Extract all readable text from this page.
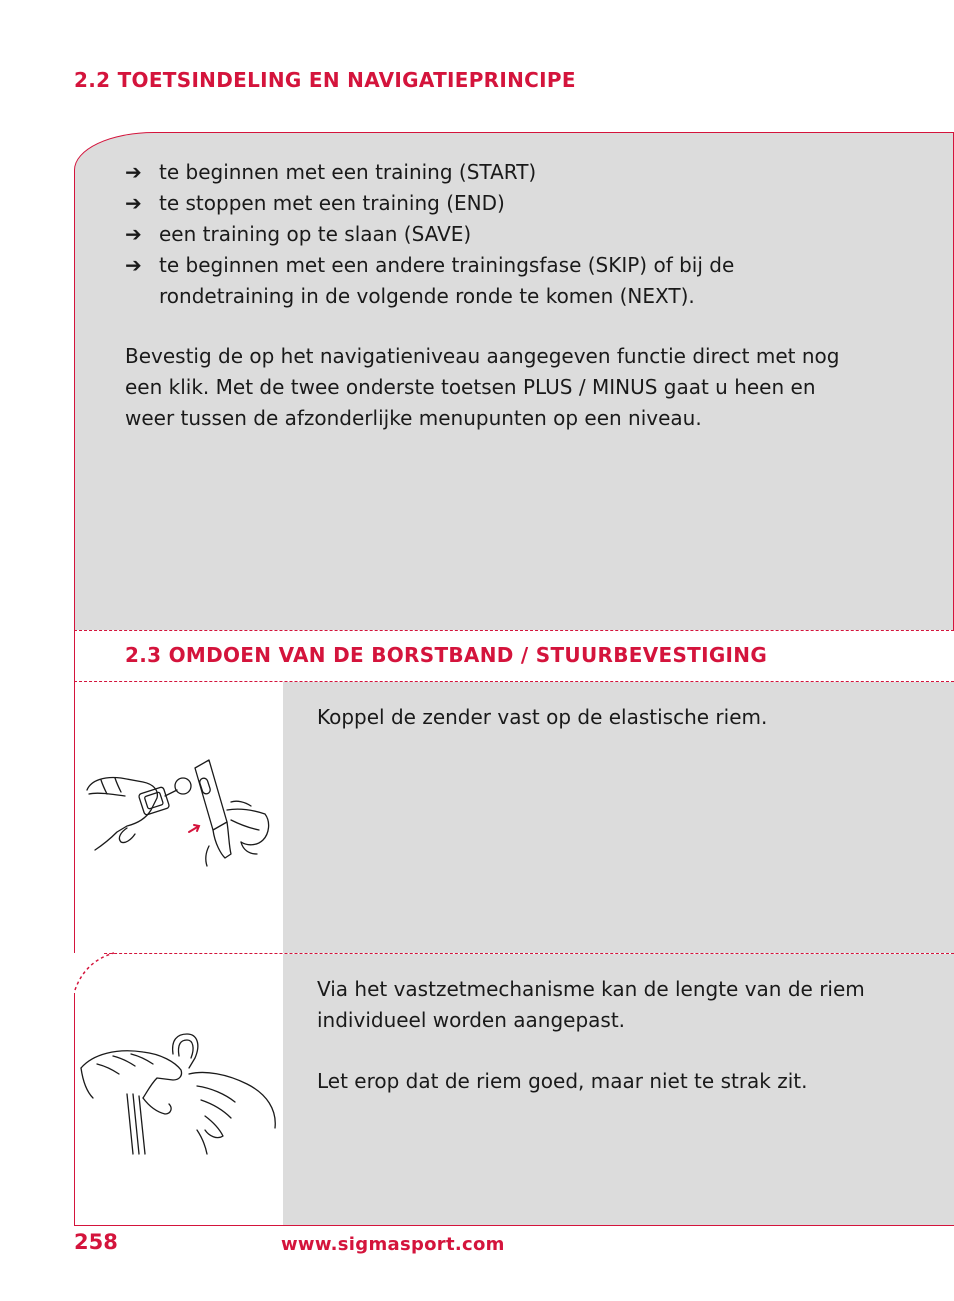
2.2 TOETSINDELING EN NAVIGATIEPRINCIPE
➔ te beginnen met een training (START)
➔ te stoppen met een training (END)
➔ een training op te slaan (SAVE)
➔ te beginnen met een andere trainingsfase (SKIP) of bij de rondetraining in de volgende ronde te komen (NEXT).

Bevestig de op het navigatieniveau aangegeven functie direct met nog een klik. Met de twee onderste toetsen PLUS / MINUS gaat u heen en weer tussen de afzonderlijke menupunten op een niveau.

2.3 OMDOEN VAN DE BORSTBAND / STUURBEVESTIGING

Koppel de zender vast op de elastische riem.

Via het vastzetmechanisme kan de lengte van de riem individueel worden aangepast.

Let erop dat de riem goed, maar niet te strak zit.

258	www.sigmasport.com
